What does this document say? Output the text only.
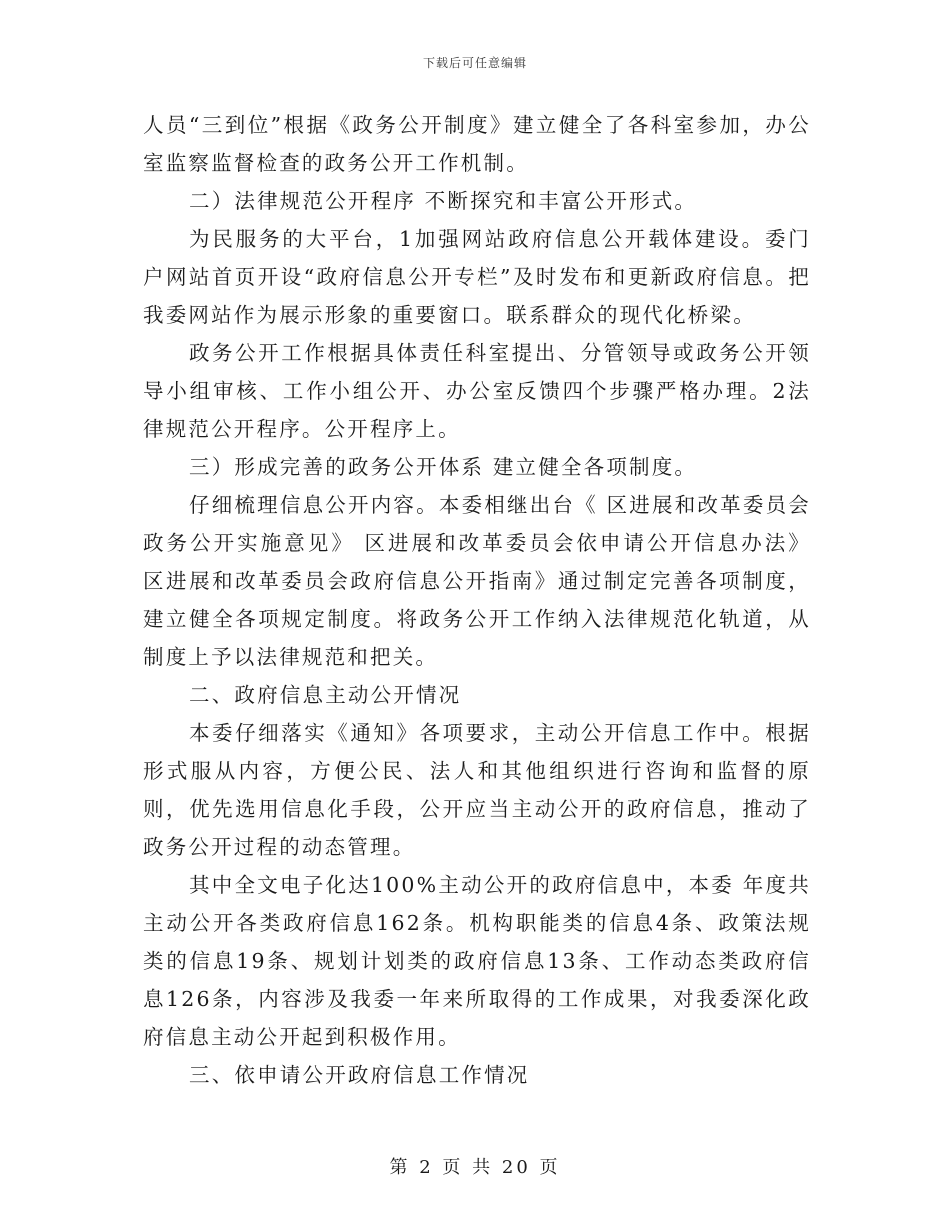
下载后可任意编辑

人员“三到位”根据《政务公开制度》建立健全了各科室参加，办公室监察监督检查的政务公开工作机制。

二）法律规范公开程序 不断探究和丰富公开形式。

为民服务的大平台，1加强网站政府信息公开载体建设。委门户网站首页开设“政府信息公开专栏”及时发布和更新政府信息。把我委网站作为展示形象的重要窗口。联系群众的现代化桥梁。

政务公开工作根据具体责任科室提出、分管领导或政务公开领导小组审核、工作小组公开、办公室反馈四个步骤严格办理。2法律规范公开程序。公开程序上。

三）形成完善的政务公开体系 建立健全各项制度。

仔细梳理信息公开内容。本委相继出台《 区进展和改革委员会政务公开实施意见》 区进展和改革委员会依申请公开信息办法》 区进展和改革委员会政府信息公开指南》通过制定完善各项制度，建立健全各项规定制度。将政务公开工作纳入法律规范化轨道，从制度上予以法律规范和把关。

二、政府信息主动公开情况

本委仔细落实《通知》各项要求，主动公开信息工作中。根据形式服从内容，方便公民、法人和其他组织进行咨询和监督的原则，优先选用信息化手段，公开应当主动公开的政府信息，推动了政务公开过程的动态管理。

其中全文电子化达100%主动公开的政府信息中，本委 年度共主动公开各类政府信息162条。机构职能类的信息4条、政策法规类的信息19条、规划计划类的政府信息13条、工作动态类政府信息126条，内容涉及我委一年来所取得的工作成果，对我委深化政府信息主动公开起到积极作用。

三、依申请公开政府信息工作情况

第 2 页 共 20 页
